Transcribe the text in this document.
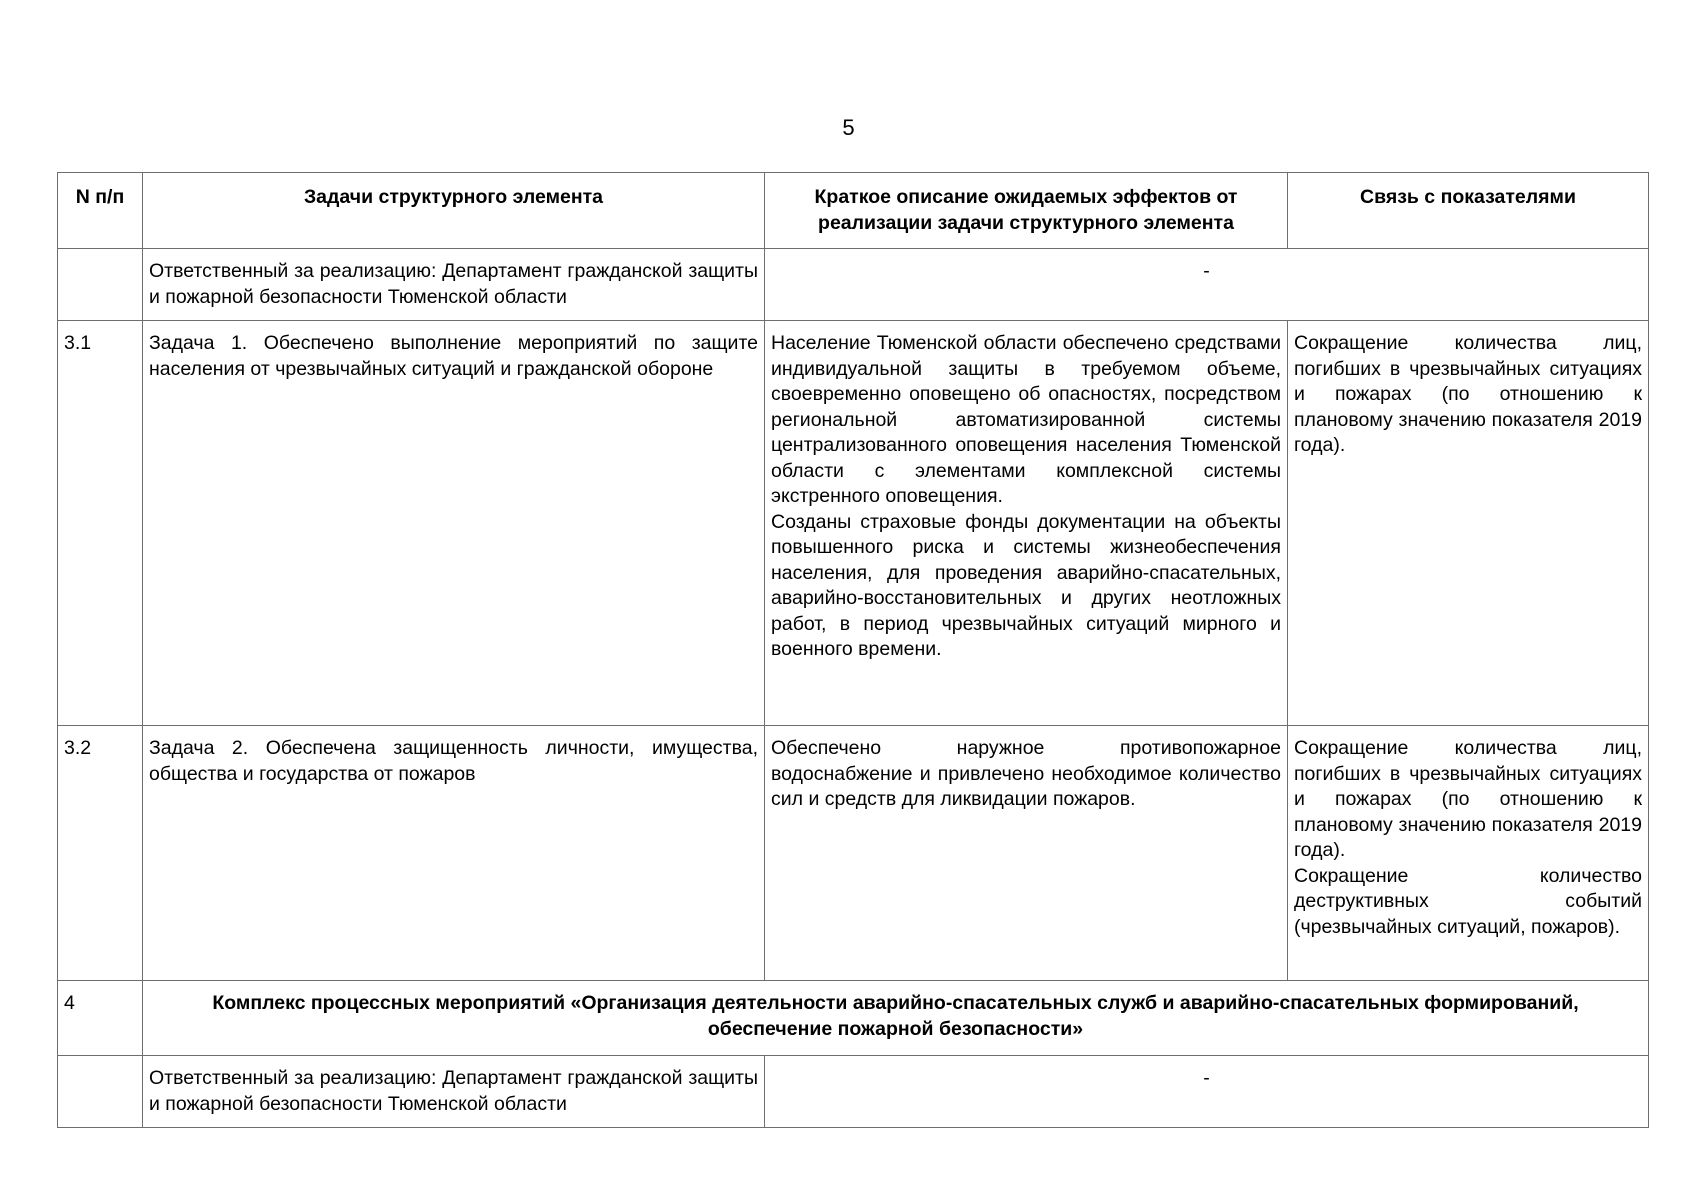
5
N п/п	Задачи структурного элемента	Краткое описание ожидаемых эффектов от реализации задачи структурного элемента	Связь с показателями
	Ответственный за реализацию: Департамент гражданской защиты и пожарной безопасности Тюменской области	-	
3.1	Задача 1. Обеспечено выполнение мероприятий по защите населения от чрезвычайных ситуаций и гражданской обороне	Население Тюменской области обеспечено средствами индивидуальной защиты в требуемом объеме, своевременно оповещено об опасностях, посредством региональной автоматизированной системы централизованного оповещения населения Тюменской области с элементами комплексной системы экстренного оповещения.
Созданы страховые фонды документации на объекты повышенного риска и системы жизнеобеспечения населения, для проведения аварийно-спасательных, аварийно-восстановительных и других неотложных работ, в период чрезвычайных ситуаций мирного и военного времени.	Сокращение количества лиц, погибших в чрезвычайных ситуациях и пожарах (по отношению к плановому значению показателя 2019 года).

3.2	Задача 2. Обеспечена защищенность личности, имущества, общества и государства от пожаров	Обеспечено наружное противопожарное водоснабжение и привлечено необходимое количество сил и средств для ликвидации пожаров.	Сокращение количества лиц, погибших в чрезвычайных ситуациях и пожарах (по отношению к плановому значению показателя 2019 года).
Сокращение количество деструктивных событий (чрезвычайных ситуаций, пожаров).

4	Комплекс процессных мероприятий «Организация деятельности аварийно-спасательных служб и аварийно-спасательных формирований, обеспечение пожарной безопасности»		
	Ответственный за реализацию: Департамент гражданской защиты и пожарной безопасности Тюменской области	-	
